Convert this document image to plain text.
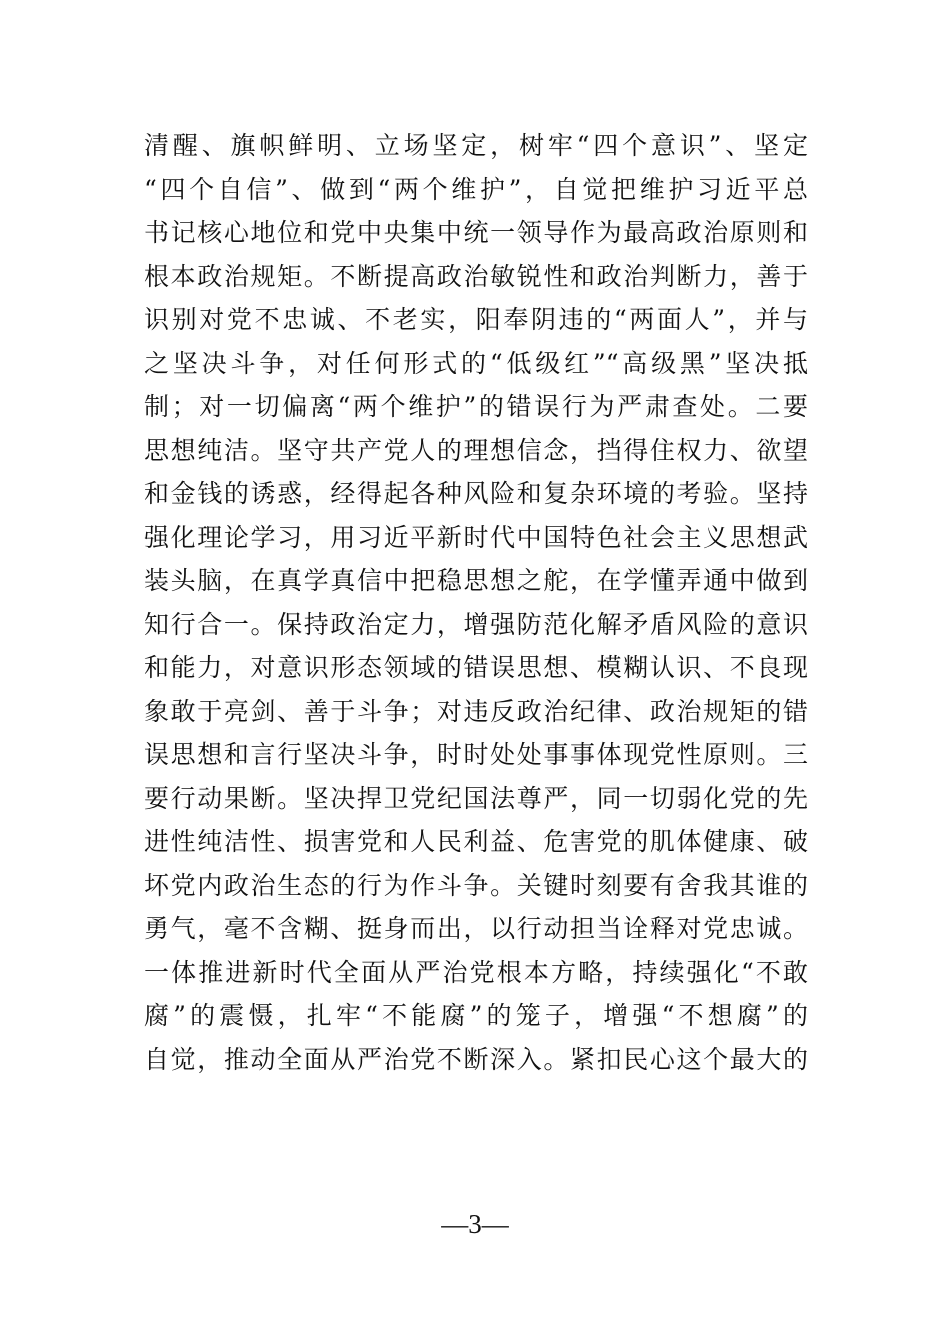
清醒、旗帜鲜明、立场坚定，树牢“四个意识”、坚定
“四个自信”、做到“两个维护”，自觉把维护习近平总
书记核心地位和党中央集中统一领导作为最高政治原则和
根本政治规矩。不断提高政治敏锐性和政治判断力，善于
识别对党不忠诚、不老实，阳奉阴违的“两面人”，并与
之坚决斗争，对任何形式的“低级红”“高级黑”坚决抵
制；对一切偏离“两个维护”的错误行为严肃查处。二要
思想纯洁。坚守共产党人的理想信念，挡得住权力、欲望
和金钱的诱惑，经得起各种风险和复杂环境的考验。坚持
强化理论学习，用习近平新时代中国特色社会主义思想武
装头脑，在真学真信中把稳思想之舵，在学懂弄通中做到
知行合一。保持政治定力，增强防范化解矛盾风险的意识
和能力，对意识形态领域的错误思想、模糊认识、不良现
象敢于亮剑、善于斗争；对违反政治纪律、政治规矩的错
误思想和言行坚决斗争，时时处处事事体现党性原则。三
要行动果断。坚决捍卫党纪国法尊严，同一切弱化党的先
进性纯洁性、损害党和人民利益、危害党的肌体健康、破
坏党内政治生态的行为作斗争。关键时刻要有舍我其谁的
勇气，毫不含糊、挺身而出，以行动担当诠释对党忠诚。
一体推进新时代全面从严治党根本方略，持续强化“不敢
腐”的震慑，扎牢“不能腐”的笼子，增强“不想腐”的
自觉，推动全面从严治党不断深入。紧扣民心这个最大的
—3—
